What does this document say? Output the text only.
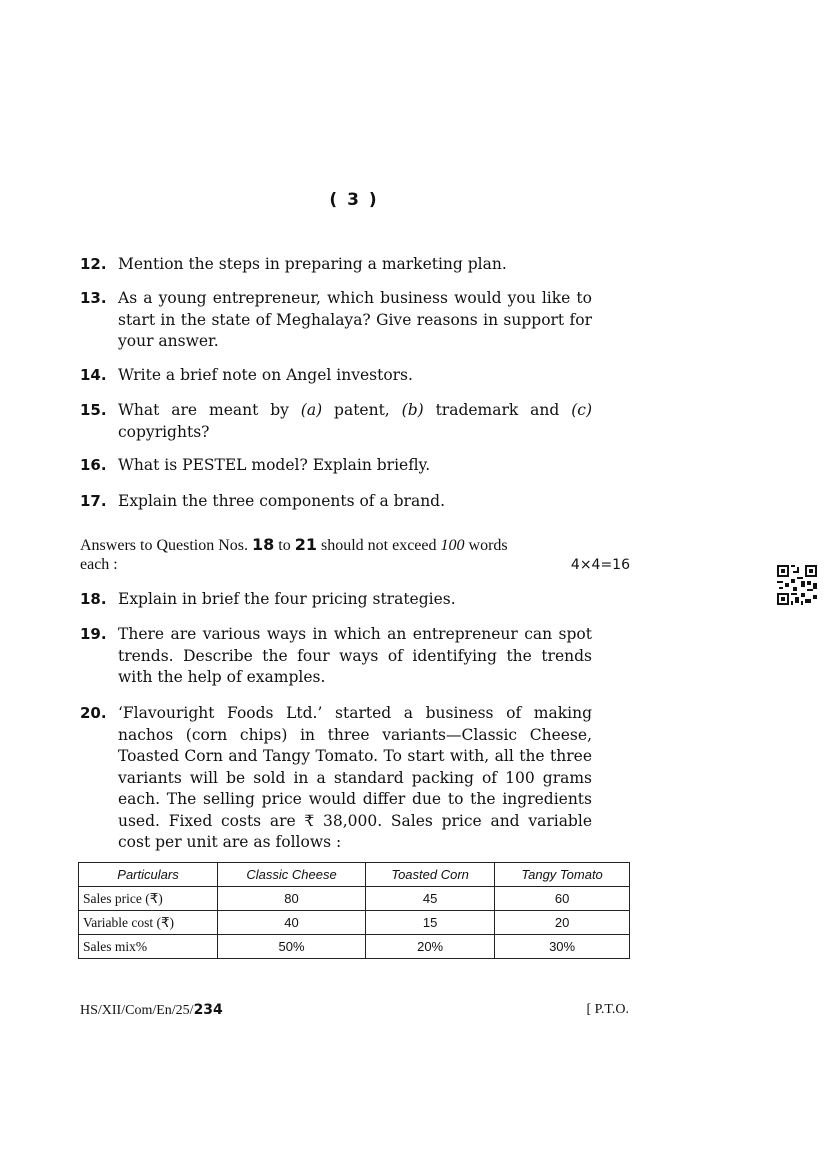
( 3 )
12. Mention the steps in preparing a marketing plan.
13. As a young entrepreneur, which business would you like to start in the state of Meghalaya? Give reasons in support for your answer.
14. Write a brief note on Angel investors.
15. What are meant by (a) patent, (b) trademark and (c) copyrights?
16. What is PESTEL model? Explain briefly.
17. Explain the three components of a brand.
Answers to Question Nos. 18 to 21 should not exceed 100 words
each :	4×4=16
18. Explain in brief the four pricing strategies.
19. There are various ways in which an entrepreneur can spot trends. Describe the four ways of identifying the trends with the help of examples.
20. ‘Flavouright Foods Ltd.’ started a business of making nachos (corn chips) in three variants—Classic Cheese, Toasted Corn and Tangy Tomato. To start with, all the three variants will be sold in a standard packing of 100 grams each. The selling price would differ due to the ingredients used. Fixed costs are ₹ 38,000. Sales price and variable cost per unit are as follows :
Particulars	Classic Cheese	Toasted Corn	Tangy Tomato
Sales price (₹)	80	45	60
Variable cost (₹)	40	15	20
Sales mix%	50%	20%	30%
HS/XII/Com/En/25/234	[ P.T.O.
